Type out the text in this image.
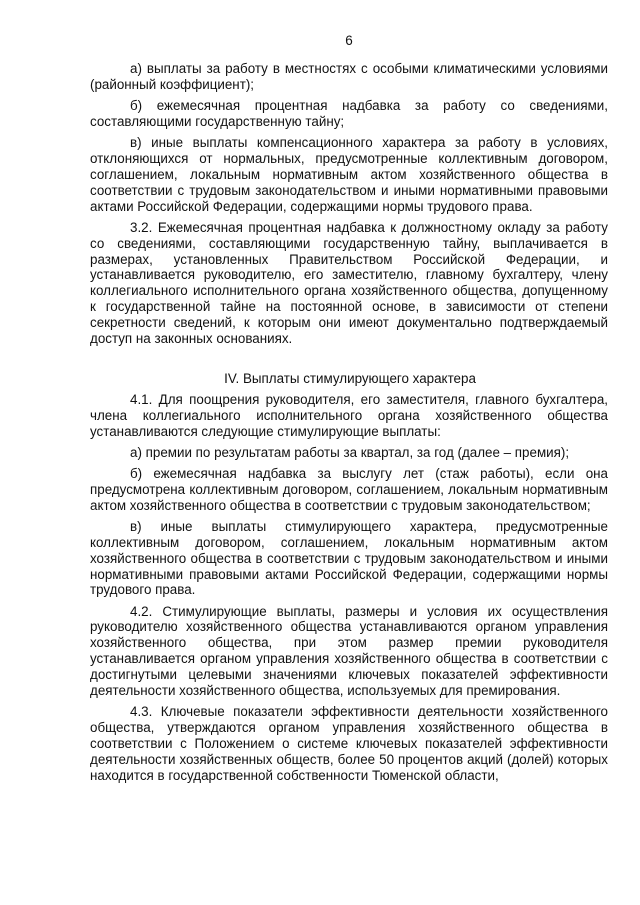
6

а) выплаты за работу в местностях с особыми климатическими условиями (районный коэффициент);

б) ежемесячная процентная надбавка за работу со сведениями, составляющими государственную тайну;

в) иные выплаты компенсационного характера за работу в условиях, отклоняющихся от нормальных, предусмотренные коллективным договором, соглашением, локальным нормативным актом хозяйственного общества в соответствии с трудовым законодательством и иными нормативными правовыми актами Российской Федерации, содержащими нормы трудового права.

3.2. Ежемесячная процентная надбавка к должностному окладу за работу со сведениями, составляющими государственную тайну, выплачивается в размерах, установленных Правительством Российской Федерации, и устанавливается руководителю, его заместителю, главному бухгалтеру, члену коллегиального исполнительного органа хозяйственного общества, допущенному к государственной тайне на постоянной основе, в зависимости от степени секретности сведений, к которым они имеют документально подтверждаемый доступ на законных основаниях.

IV. Выплаты стимулирующего характера

4.1. Для поощрения руководителя, его заместителя, главного бухгалтера, члена коллегиального исполнительного органа хозяйственного общества устанавливаются следующие стимулирующие выплаты:

а) премии по результатам работы за квартал, за год (далее – премия);

б) ежемесячная надбавка за выслугу лет (стаж работы), если она предусмотрена коллективным договором, соглашением, локальным нормативным актом хозяйственного общества в соответствии с трудовым законодательством;

в) иные выплаты стимулирующего характера, предусмотренные коллективным договором, соглашением, локальным нормативным актом хозяйственного общества в соответствии с трудовым законодательством и иными нормативными правовыми актами Российской Федерации, содержащими нормы трудового права.

4.2. Стимулирующие выплаты, размеры и условия их осуществления руководителю хозяйственного общества устанавливаются органом управления хозяйственного общества, при этом размер премии руководителя устанавливается органом управления хозяйственного общества в соответствии с достигнутыми целевыми значениями ключевых показателей эффективности деятельности хозяйственного общества, используемых для премирования.

4.3. Ключевые показатели эффективности деятельности хозяйственного общества, утверждаются органом управления хозяйственного общества в соответствии с Положением о системе ключевых показателей эффективности деятельности хозяйственных обществ, более 50 процентов акций (долей) которых находится в государственной собственности Тюменской области,
